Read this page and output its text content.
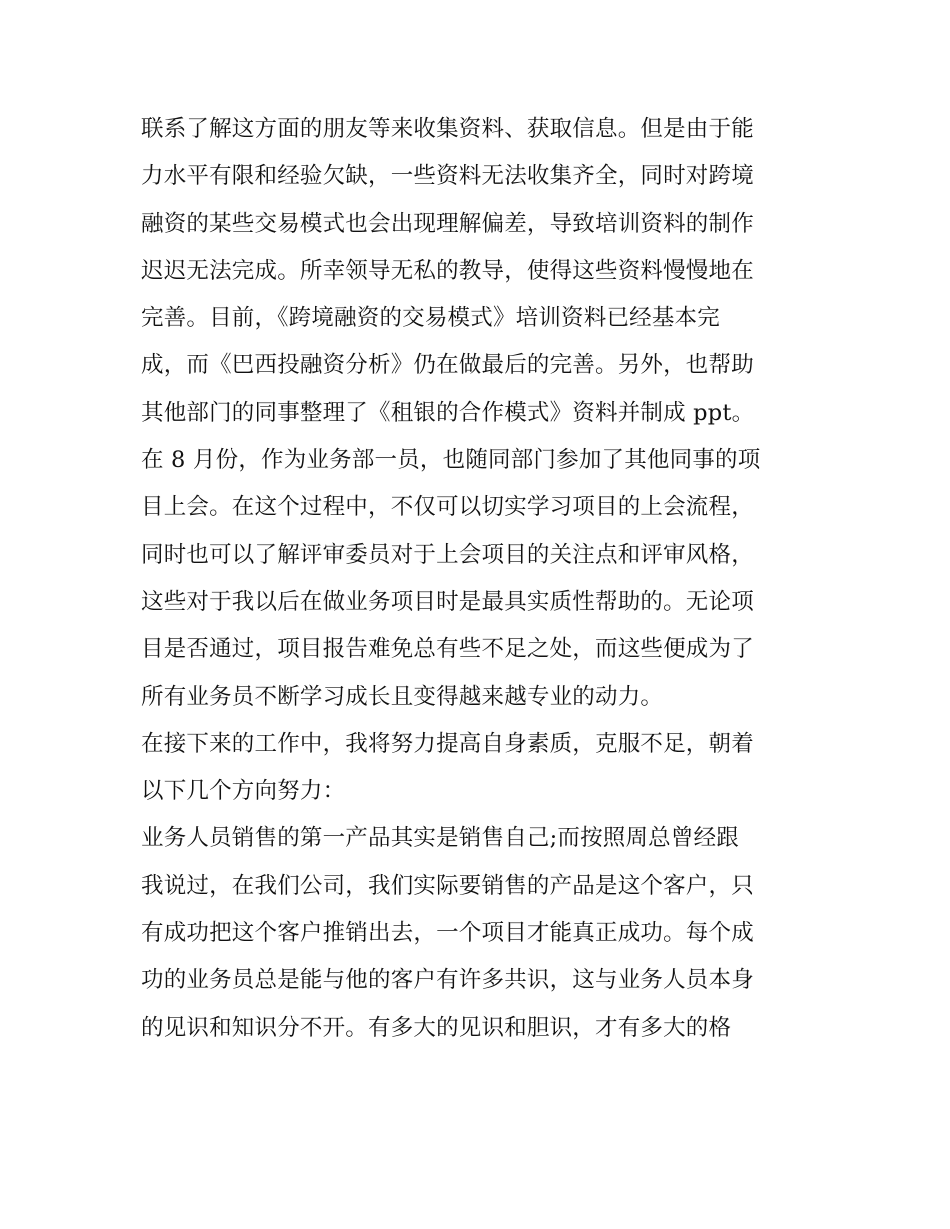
联系了解这方面的朋友等来收集资料、获取信息。但是由于能
力水平有限和经验欠缺，一些资料无法收集齐全，同时对跨境
融资的某些交易模式也会出现理解偏差，导致培训资料的制作
迟迟无法完成。所幸领导无私的教导，使得这些资料慢慢地在
完善。目前，《跨境融资的交易模式》培训资料已经基本完
成，而《巴西投融资分析》仍在做最后的完善。另外，也帮助
其他部门的同事整理了《租银的合作模式》资料并制成 ppt。
在 8 月份，作为业务部一员，也随同部门参加了其他同事的项
目上会。在这个过程中，不仅可以切实学习项目的上会流程，
同时也可以了解评审委员对于上会项目的关注点和评审风格，
这些对于我以后在做业务项目时是最具实质性帮助的。无论项
目是否通过，项目报告难免总有些不足之处，而这些便成为了
所有业务员不断学习成长且变得越来越专业的动力。
在接下来的工作中，我将努力提高自身素质，克服不足，朝着
以下几个方向努力：
业务人员销售的第一产品其实是销售自己;而按照周总曾经跟
我说过，在我们公司，我们实际要销售的产品是这个客户，只
有成功把这个客户推销出去，一个项目才能真正成功。每个成
功的业务员总是能与他的客户有许多共识，这与业务人员本身
的见识和知识分不开。有多大的见识和胆识，才有多大的格
